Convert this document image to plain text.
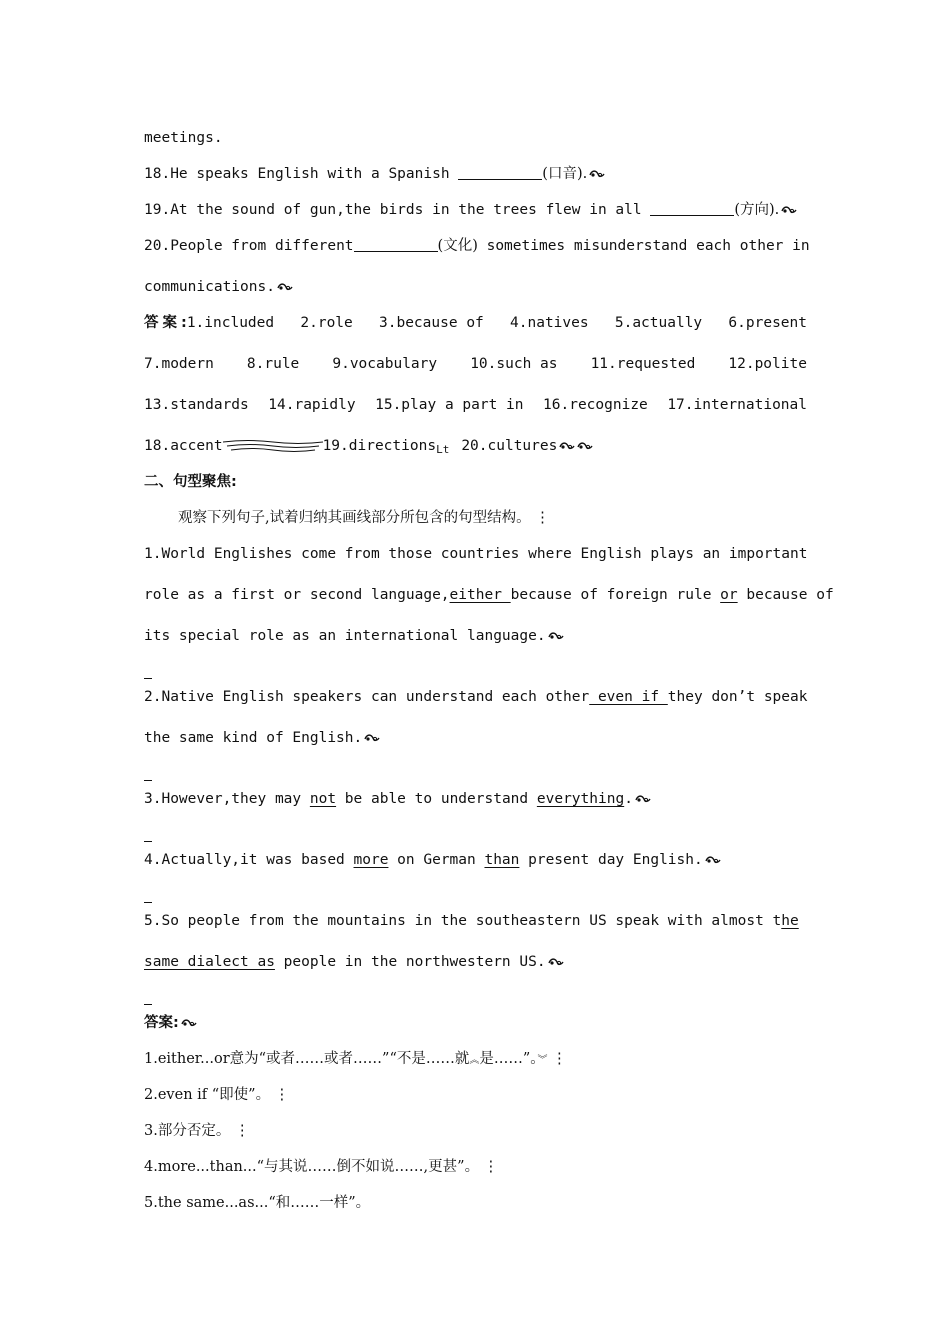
meetings.
18.He speaks English with a Spanish	(口音).
19.At the sound of gun,the birds in the trees flew in all	(方向).
20.People from different	(文化) sometimes misunderstand each other in
communications.
答案:1.included 2.role 3.because of 4.natives 5.actually 6.present
7.modern 8.rule 9.vocabulary 10.such as 11.requested 12.polite
13.standards 14.rapidly 15.play a part in 16.recognize 17.international
18.accent	19.directions$_{Lt}$ 20.cultures
二、句型聚焦:
观察下列句子,试着归纳其画线部分所包含的句型结构。 ⋮
1.World Englishes come from those countries where English plays an important
role as a first or second language,either because of foreign rule or because of
its special role as an international language.
2.Native English speakers can understand each other even if they don’t speak
the same kind of English.
3.However,they may not be able to understand everything.
4.Actually,it was based more on German than present day English.
5.So people from the mountains in the southeastern US speak with almost the
same dialect as people in the northwestern US.
答案:
1.either...or意为“或者……或者……”“不是……就︽是……”。︾ ⋮
2.even if “即使”。 ⋮
3.部分否定。 ⋮
4.more...than...“与其说……倒不如说……,更甚”。 ⋮
5.the same...as...“和……一样”。
